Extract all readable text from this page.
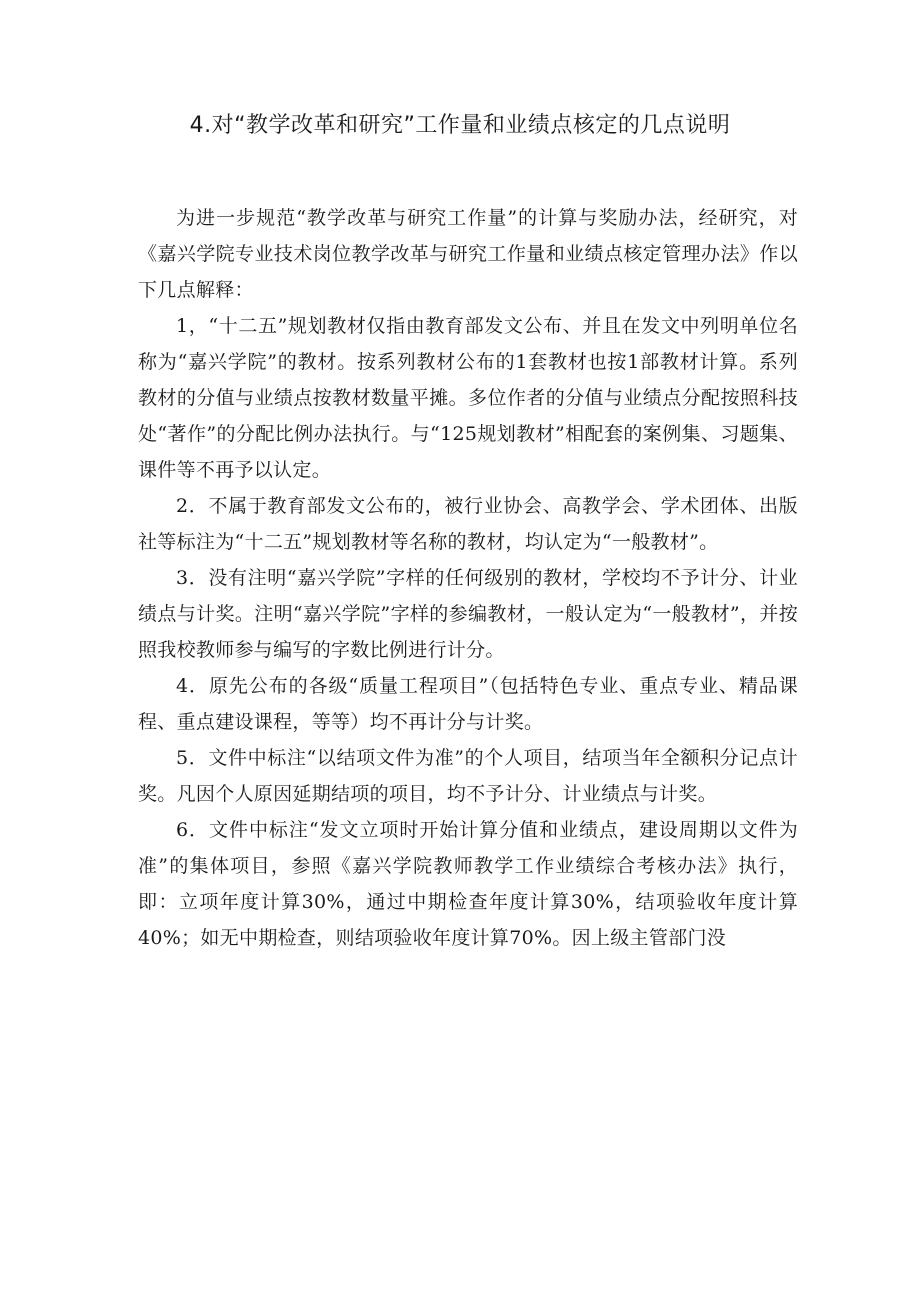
4.对“教学改革和研究”工作量和业绩点核定的几点说明

为进一步规范“教学改革与研究工作量”的计算与奖励办法，经研究，对《嘉兴学院专业技术岗位教学改革与研究工作量和业绩点核定管理办法》作以下几点解释：

1，“十二五”规划教材仅指由教育部发文公布、并且在发文中列明单位名称为“嘉兴学院”的教材。按系列教材公布的1套教材也按1部教材计算。系列教材的分值与业绩点按教材数量平摊。多位作者的分值与业绩点分配按照科技处“著作”的分配比例办法执行。与“125规划教材”相配套的案例集、习题集、课件等不再予以认定。

2．不属于教育部发文公布的，被行业协会、高教学会、学术团体、出版社等标注为“十二五”规划教材等名称的教材，均认定为“一般教材”。

3．没有注明“嘉兴学院”字样的任何级别的教材，学校均不予计分、计业绩点与计奖。注明“嘉兴学院”字样的参编教材，一般认定为“一般教材”，并按照我校教师参与编写的字数比例进行计分。

4．原先公布的各级“质量工程项目”（包括特色专业、重点专业、精品课程、重点建设课程，等等）均不再计分与计奖。

5．文件中标注“以结项文件为准”的个人项目，结项当年全额积分记点计奖。凡因个人原因延期结项的项目，均不予计分、计业绩点与计奖。

6．文件中标注“发文立项时开始计算分值和业绩点，建设周期以文件为准”的集体项目，参照《嘉兴学院教师教学工作业绩综合考核办法》执行，即：立项年度计算30%，通过中期检查年度计算30%，结项验收年度计算40%；如无中期检查，则结项验收年度计算70%。因上级主管部门没
